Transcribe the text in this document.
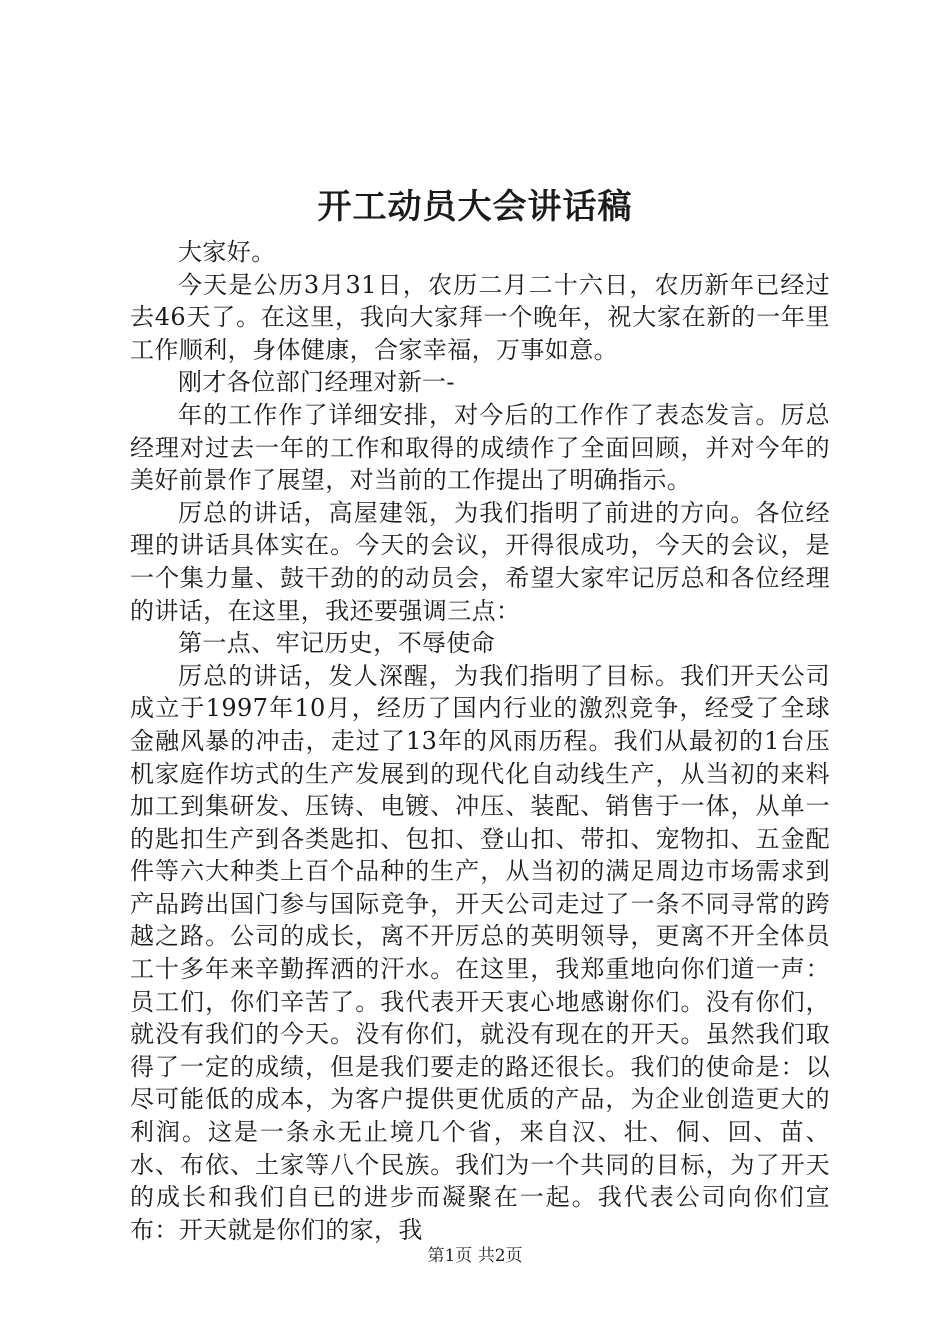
开工动员大会讲话稿

大家好。

今天是公历3月31日，农历二月二十六日，农历新年已经过去46天了。在这里，我向大家拜一个晚年，祝大家在新的一年里工作顺利，身体健康，合家幸福，万事如意。

刚才各位部门经理对新一-

年的工作作了详细安排，对今后的工作作了表态发言。厉总经理对过去一年的工作和取得的成绩作了全面回顾，并对今年的美好前景作了展望，对当前的工作提出了明确指示。

厉总的讲话，高屋建瓴，为我们指明了前进的方向。各位经理的讲话具体实在。今天的会议，开得很成功，今天的会议，是一个集力量、鼓干劲的的动员会，希望大家牢记厉总和各位经理的讲话，在这里，我还要强调三点：

第一点、牢记历史，不辱使命

厉总的讲话，发人深醒，为我们指明了目标。我们开天公司成立于1997年10月，经历了国内行业的激烈竞争，经受了全球金融风暴的冲击，走过了13年的风雨历程。我们从最初的1台压机家庭作坊式的生产发展到的现代化自动线生产，从当初的来料加工到集研发、压铸、电镀、冲压、装配、销售于一体，从单一的匙扣生产到各类匙扣、包扣、登山扣、带扣、宠物扣、五金配件等六大种类上百个品种的生产，从当初的满足周边市场需求到产品跨出国门参与国际竞争，开天公司走过了一条不同寻常的跨越之路。公司的成长，离不开厉总的英明领导，更离不开全体员工十多年来辛勤挥洒的汗水。在这里，我郑重地向你们道一声：员工们，你们辛苦了。我代表开天衷心地感谢你们。没有你们，就没有我们的今天。没有你们，就没有现在的开天。虽然我们取得了一定的成绩，但是我们要走的路还很长。我们的使命是：以尽可能低的成本，为客户提供更优质的产品，为企业创造更大的利润。这是一条永无止境几个省，来自汉、壮、侗、回、苗、水、布依、土家等八个民族。我们为一个共同的目标，为了开天的成长和我们自已的进步而凝聚在一起。我代表公司向你们宣布：开天就是你们的家，我

第1页 共2页
